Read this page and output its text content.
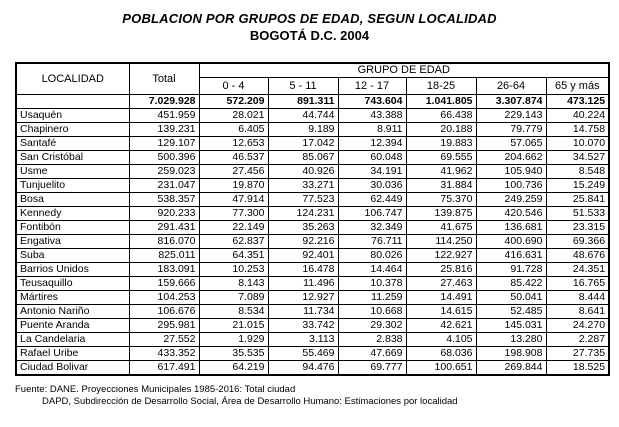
POBLACION POR GRUPOS DE EDAD, SEGUN LOCALIDAD
BOGOTÁ D.C. 2004
LOCALIDAD	Total	GRUPO DE EDAD					
		0 - 4	5 - 11	12 - 17	18-25	26-64	65 y más
	7.029.928	572.209	891.311	743.604	1.041.805	3.307.874	473.125
Usaquén	451.959	28.021	44.744	43.388	66.438	229.143	40.224
Chapinero	139.231	6.405	9.189	8.911	20.188	79.779	14.758
Santafé	129.107	12.653	17.042	12.394	19.883	57.065	10.070
San Cristóbal	500.396	46.537	85.067	60.048	69.555	204.662	34.527
Usme	259.023	27.456	40.926	34.191	41.962	105.940	8.548
Tunjuelito	231.047	19.870	33.271	30.036	31.884	100.736	15.249
Bosa	538.357	47.914	77.523	62.449	75.370	249.259	25.841
Kennedy	920.233	77.300	124.231	106.747	139.875	420.546	51.533
Fontibón	291.431	22.149	35.263	32.349	41.675	136.681	23.315
Engativa	816.070	62.837	92.216	76.711	114.250	400.690	69.366
Suba	825.011	64.351	92.401	80.026	122.927	416.631	48.676
Barrios Unidos	183.091	10.253	16.478	14.464	25.816	91.728	24.351
Teusaquillo	159.666	8.143	11.496	10.378	27.463	85.422	16.765
Mártires	104.253	7.089	12.927	11.259	14.491	50.041	8.444
Antonio Nariño	106.676	8.534	11.734	10.668	14.615	52.485	8.641
Puente Aranda	295.981	21.015	33.742	29.302	42.621	145.031	24.270
La Candelaria	27.552	1.929	3.113	2.838	4.105	13.280	2.287
Rafael Uribe	433.352	35.535	55.469	47.669	68.036	198.908	27.735
Ciudad Bolivar	617.491	64.219	94.476	69.777	100.651	269.844	18.525
Fuente: DANE. Proyecciones Municipales 1985-2016: Total ciudad
DAPD, Subdirección de Desarrollo Social, Área de Desarrollo Humano: Estimaciones por localidad
